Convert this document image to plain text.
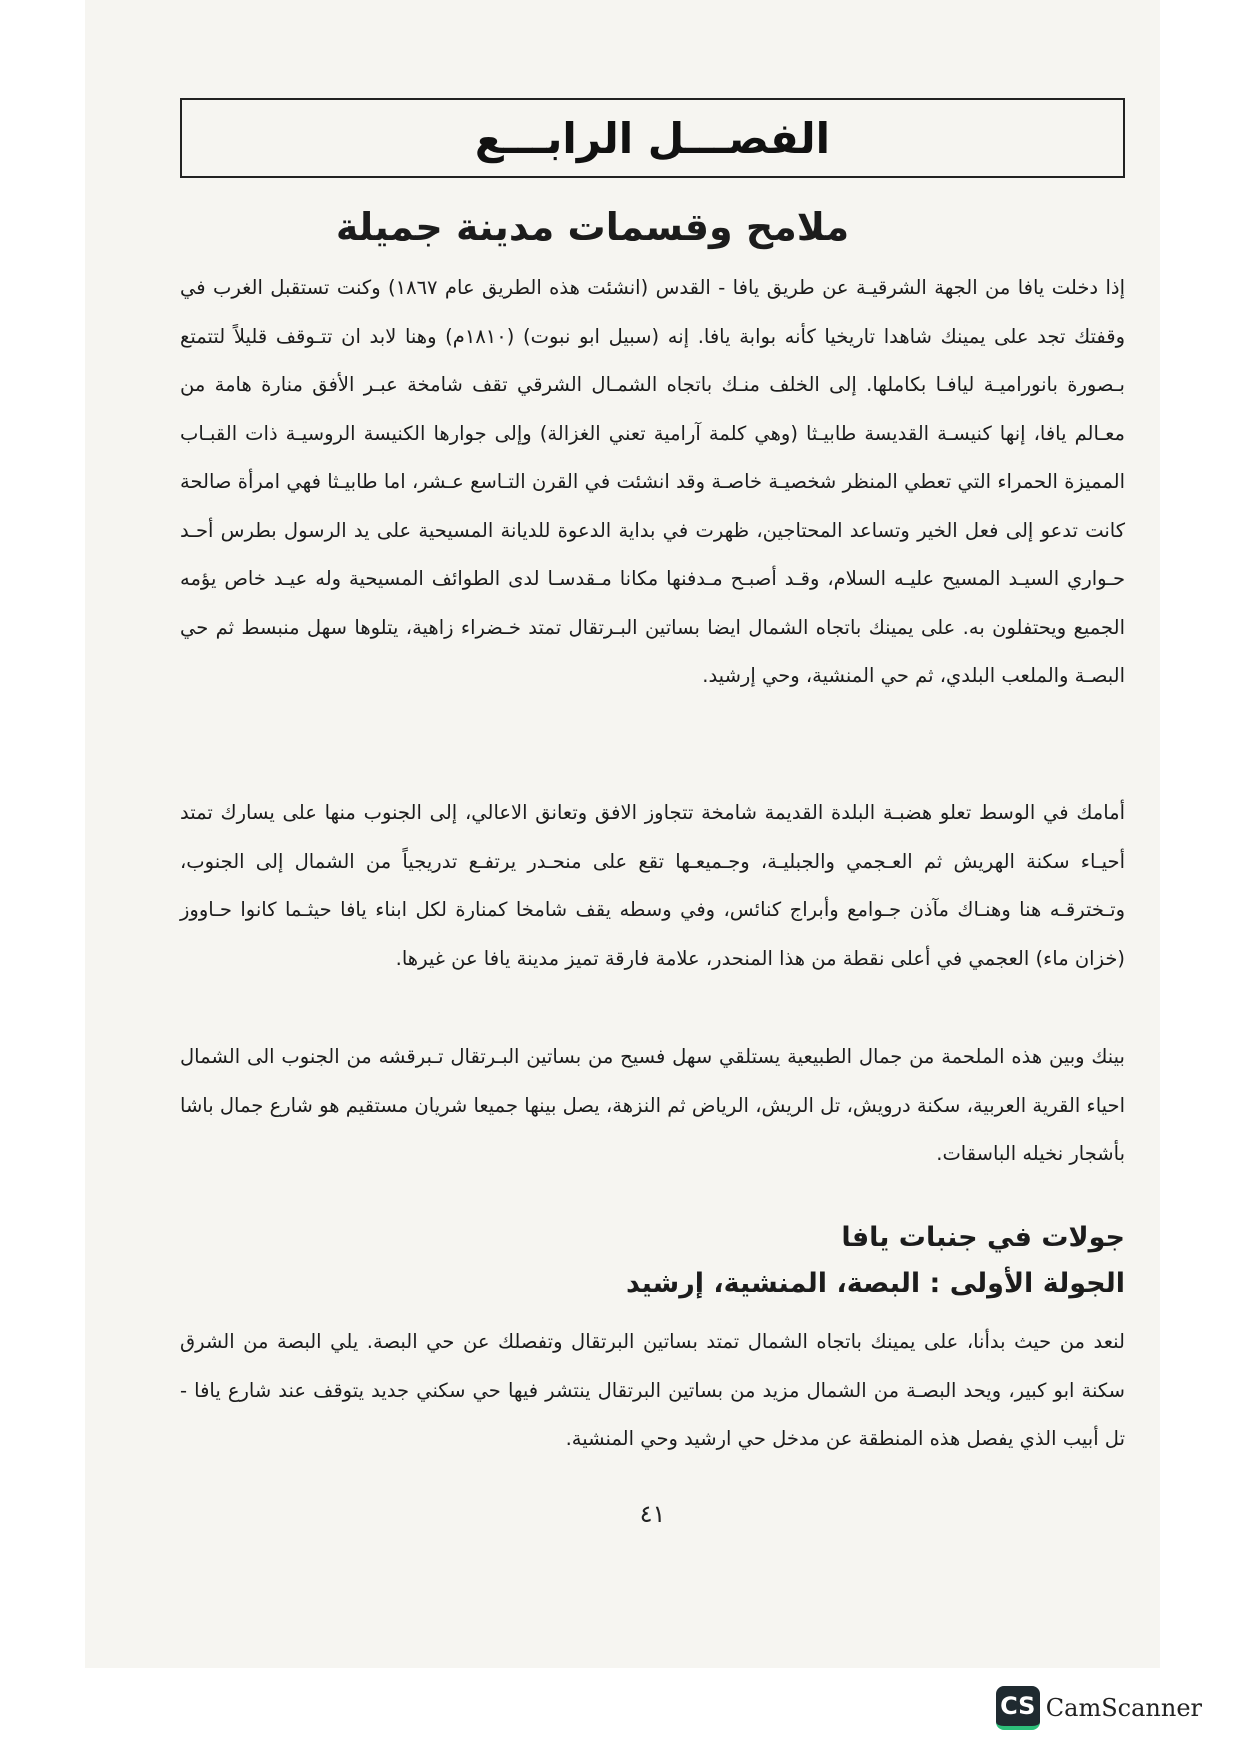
الفصـــل الرابـــع
ملامح وقسمات مدينة جميلة

إذا دخلت يافا من الجهة الشرقيـة عن طريق يافا - القدس (انشئت هذه الطريق عام ١٨٦٧) وكنت تستقبل الغرب في وقفتك تجد على يمينك شاهدا تاريخيا كأنه بوابة يافا. إنه (سبيل ابو نبوت) (١٨١٠م) وهنا لابد ان تتـوقف قليلاً لتتمتع بـصورة بانوراميـة ليافـا بكاملها. إلى الخلف منـك باتجاه الشمـال الشرقي تقف شامخة عبـر الأفق منارة هامة من معـالم يافا، إنها كنيسـة القديسة طابيـثا (وهي كلمة آرامية تعني الغزالة) وإلى جوارها الكنيسة الروسيـة ذات القبـاب المميزة الحمراء التي تعطي المنظر شخصيـة خاصـة وقد انشئت في القرن التـاسع عـشر، اما طابيـثا فهي امرأة صالحة كانت تدعو إلى فعل الخير وتساعد المحتاجين، ظهرت في بداية الدعوة للديانة المسيحية على يد الرسول بطرس أحـد حـواري السيـد المسيح عليـه السلام، وقـد أصبـح مـدفنها مكانا مـقدسـا لدى الطوائف المسيحية وله عيـد خاص يؤمه الجميع ويحتفلون به. على يمينك باتجاه الشمال ايضا بساتين البـرتقال تمتد خـضراء زاهية، يتلوها سهل منبسط ثم حي البصـة والملعب البلدي، ثم حي المنشية، وحي إرشيد.

أمامك في الوسط تعلو هضبـة البلدة القديمة شامخة تتجاوز الافق وتعانق الاعالي، إلى الجنوب منها على يسارك تمتد أحيـاء سكنة الهريش ثم العـجمي والجبليـة، وجـميعـها تقع على منحـدر يرتفـع تدريجياً من الشمال إلى الجنوب، وتـخترقـه هنا وهنـاك مآذن جـوامع وأبراج كنائس، وفي وسطه يقف شامخا كمنارة لكل ابناء يافا حيثـما كانوا حـاووز (خزان ماء) العجمي في أعلى نقطة من هذا المنحدر، علامة فارقة تميز مدينة يافا عن غيرها.

بينك وبين هذه الملحمة من جمال الطبيعية يستلقي سهل فسيح من بساتين البـرتقال تـبرقشه من الجنوب الى الشمال احياء القرية العربية، سكنة درويش، تل الريش، الرياض ثم النزهة، يصل بينها جميعا شريان مستقيم هو شارع جمال باشا بأشجار نخيله الباسقات.

جولات في جنبات يافا
الجولة الأولى : البصة، المنشية، إرشيد

لنعد من حيث بدأنا، على يمينك باتجاه الشمال تمتد بساتين البرتقال وتفصلك عن حي البصة. يلي البصة من الشرق سكنة ابو كبير، ويحد البصـة من الشمال مزيد من بساتين البرتقال ينتشر فيها حي سكني جديد يتوقف عند شارع يافا - تل أبيب الذي يفصل هذه المنطقة عن مدخل حي ارشيد وحي المنشية.

٤١
CS CamScanner
